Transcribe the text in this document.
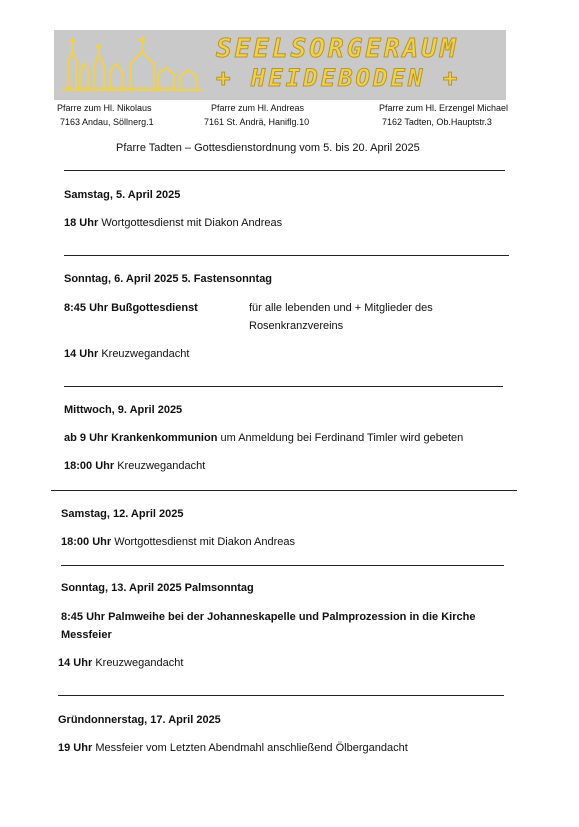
ANDAU • TADTEN • ST.ANDRÄ
SEELSORGERAUM
+ HEIDEBODEN +
Pfarre zum Hl. Nikolaus
7163 Andau, Söllnerg.1
Pfarre zum Hl. Andreas
7161 St. Andrä, Haniflg.10
Pfarre zum Hl. Erzengel Michael
7162 Tadten, Ob.Hauptstr.3
Pfarre Tadten – Gottesdienstordnung vom 5. bis 20. April 2025
Samstag, 5. April 2025
18 Uhr Wortgottesdienst mit Diakon Andreas
Sonntag, 6. April 2025 5. Fastensonntag
8:45 Uhr Bußgottesdienst	für alle lebenden und + Mitglieder des
Rosenkranzvereins
14 Uhr Kreuzwegandacht
Mittwoch, 9. April 2025
ab 9 Uhr Krankenkommunion um Anmeldung bei Ferdinand Timler wird gebeten
18:00 Uhr Kreuzwegandacht
Samstag, 12. April 2025
18:00 Uhr Wortgottesdienst mit Diakon Andreas
Sonntag, 13. April 2025 Palmsonntag
8:45 Uhr Palmweihe bei der Johanneskapelle und Palmprozession in die Kirche
Messfeier
14 Uhr Kreuzwegandacht
Gründonnerstag, 17. April 2025
19 Uhr Messfeier vom Letzten Abendmahl anschließend Ölbergandacht
